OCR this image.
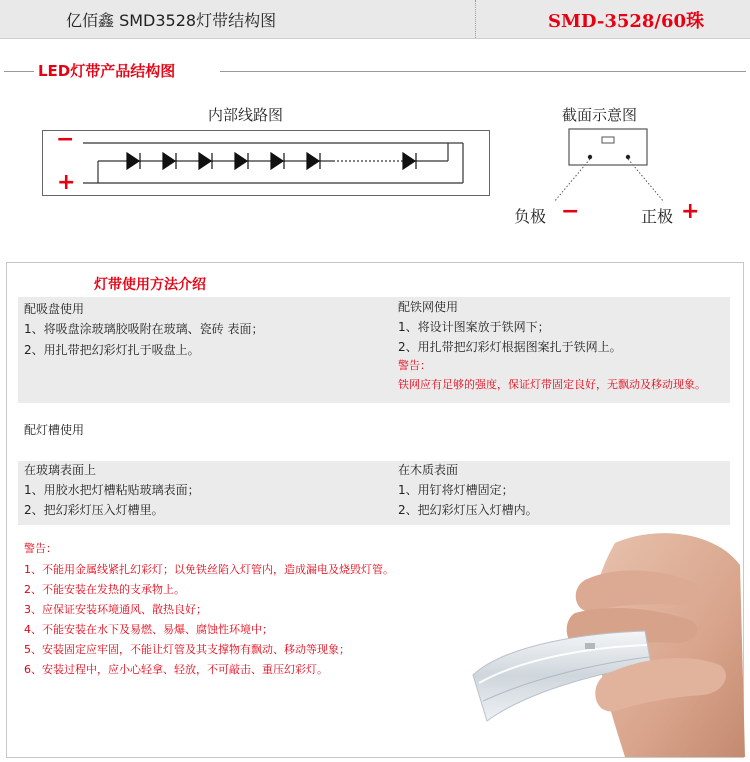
亿佰鑫 SMD3528灯带结构图	SMD-3528/60珠
LED灯带产品结构图
内部线路图
−
+
截面示意图
负极 −	正极 +
灯带使用方法介绍
配吸盘使用
1、将吸盘涂玻璃胶吸附在玻璃、瓷砖 表面；
2、用扎带把幻彩灯扎于吸盘上。
配铁网使用
1、将设计图案放于铁网下；
2、用扎带把幻彩灯根据图案扎于铁网上。
警告：
铁网应有足够的强度，保证灯带固定良好，无飘动及移动现象。
配灯槽使用
在玻璃表面上
1、用胶水把灯槽粘贴玻璃表面；
2、把幻彩灯压入灯槽里。
在木质表面
1、用钉将灯槽固定；
2、把幻彩灯压入灯槽内。
警告：
1、不能用金属线紧扎幻彩灯；以免铁丝陷入灯管内，造成漏电及烧毁灯管。
2、不能安装在发热的支承物上。
3、应保证安装环境通风、散热良好；
4、不能安装在水下及易燃、易爆、腐蚀性环境中；
5、安装固定应牢固，不能让灯管及其支撑物有飘动、移动等现象；
6、安装过程中，应小心轻拿、轻放，不可敲击、重压幻彩灯。
